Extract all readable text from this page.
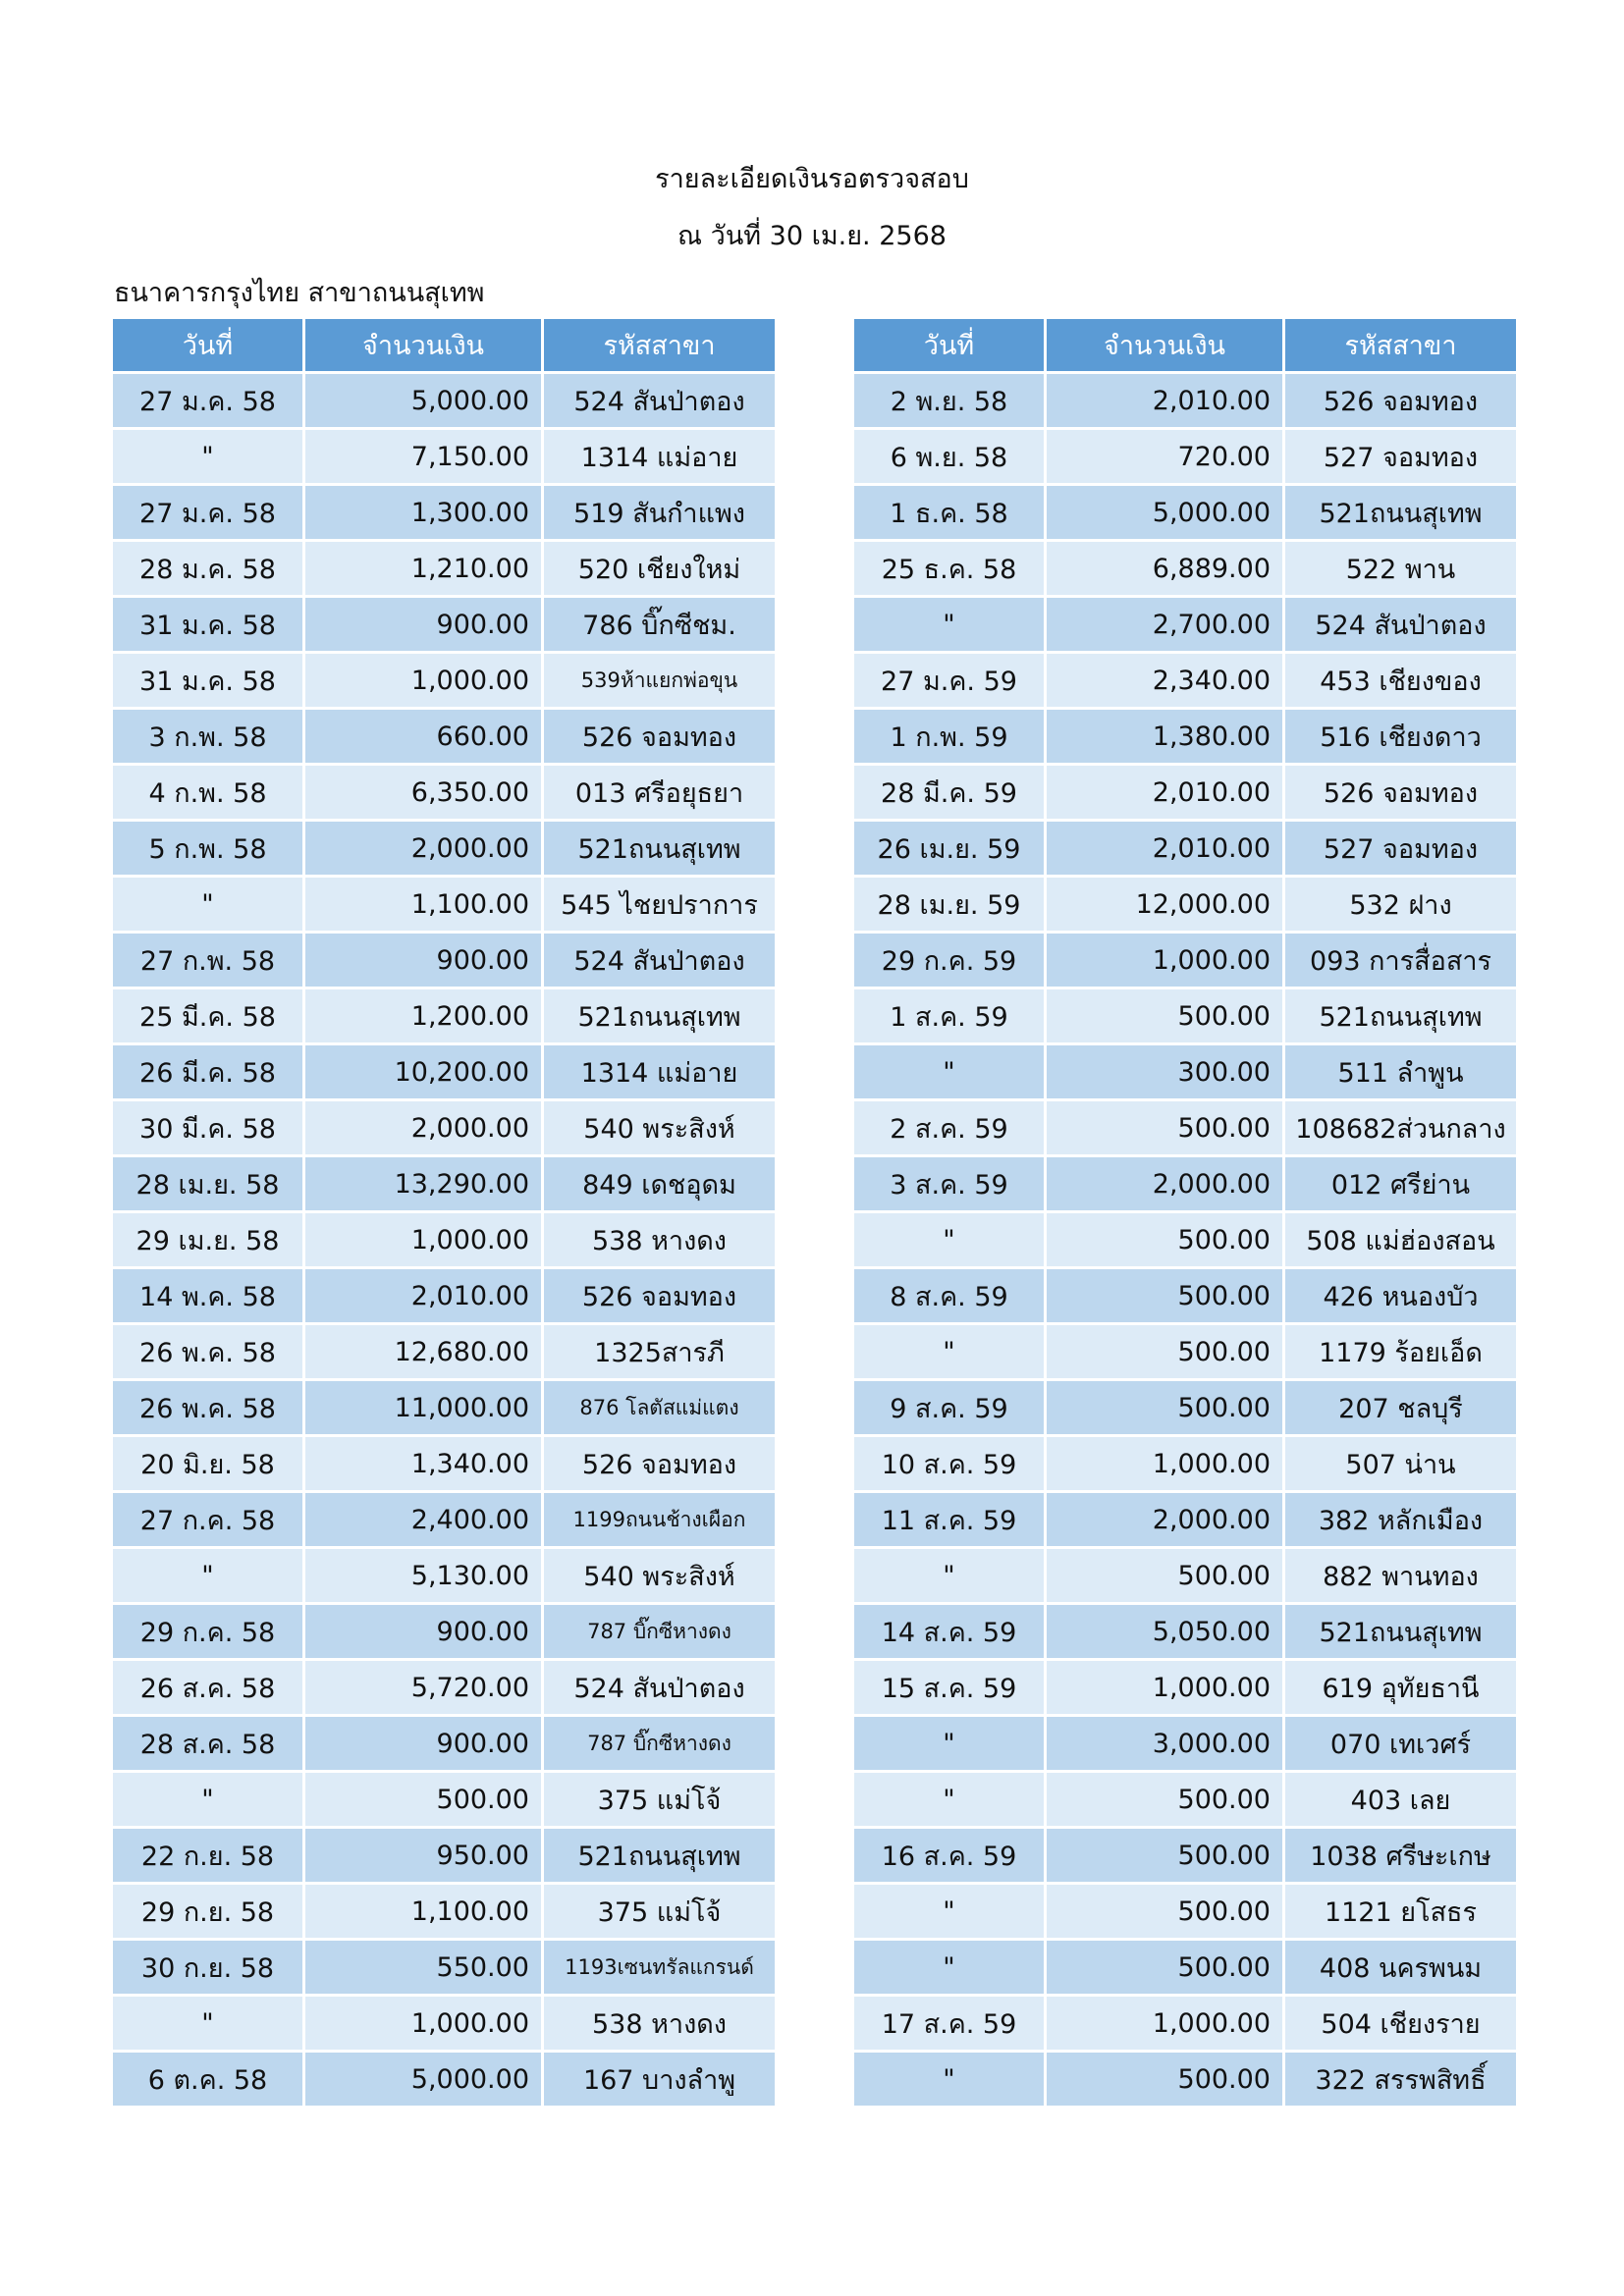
รายละเอียดเงินรอตรวจสอบ
ณ วันที่ 30 เม.ย. 2568
ธนาคารกรุงไทย สาขาถนนสุเทพ
วันที่	จำนวนเงิน	รหัสสาขา
27 ม.ค. 58	5,000.00	524 สันป่าตอง
"	7,150.00	1314 แม่อาย
27 ม.ค. 58	1,300.00	519 สันกำแพง
28 ม.ค. 58	1,210.00	520 เชียงใหม่
31 ม.ค. 58	900.00	786 บิ๊กซีชม.
31 ม.ค. 58	1,000.00	539ห้าแยกพ่อขุน
3 ก.พ. 58	660.00	526 จอมทอง
4 ก.พ. 58	6,350.00	013 ศรีอยุธยา
5 ก.พ. 58	2,000.00	521ถนนสุเทพ
"	1,100.00	545 ไชยปราการ
27 ก.พ. 58	900.00	524 สันป่าตอง
25 มี.ค. 58	1,200.00	521ถนนสุเทพ
26 มี.ค. 58	10,200.00	1314 แม่อาย
30 มี.ค. 58	2,000.00	540 พระสิงห์
28 เม.ย. 58	13,290.00	849 เดชอุดม
29 เม.ย. 58	1,000.00	538 หางดง
14 พ.ค. 58	2,010.00	526 จอมทอง
26 พ.ค. 58	12,680.00	1325สารภี
26 พ.ค. 58	11,000.00	876 โลตัสแม่แตง
20 มิ.ย. 58	1,340.00	526 จอมทอง
27 ก.ค. 58	2,400.00	1199ถนนช้างเผือก
"	5,130.00	540 พระสิงห์
29 ก.ค. 58	900.00	787 บิ๊กซีหางดง
26 ส.ค. 58	5,720.00	524 สันป่าตอง
28 ส.ค. 58	900.00	787 บิ๊กซีหางดง
"	500.00	375 แม่โจ้
22 ก.ย. 58	950.00	521ถนนสุเทพ
29 ก.ย. 58	1,100.00	375 แม่โจ้
30 ก.ย. 58	550.00	1193เซนทรัลแกรนด์
"	1,000.00	538 หางดง
6 ต.ค. 58	5,000.00	167 บางลำพู
วันที่	จำนวนเงิน	รหัสสาขา
2 พ.ย. 58	2,010.00	526 จอมทอง
6 พ.ย. 58	720.00	527 จอมทอง
1 ธ.ค. 58	5,000.00	521ถนนสุเทพ
25 ธ.ค. 58	6,889.00	522 พาน
"	2,700.00	524 สันป่าตอง
27 ม.ค. 59	2,340.00	453 เชียงของ
1 ก.พ. 59	1,380.00	516 เชียงดาว
28 มี.ค. 59	2,010.00	526 จอมทอง
26 เม.ย. 59	2,010.00	527 จอมทอง
28 เม.ย. 59	12,000.00	532 ฝาง
29 ก.ค. 59	1,000.00	093 การสื่อสาร
1 ส.ค. 59	500.00	521ถนนสุเทพ
"	300.00	511 ลำพูน
2 ส.ค. 59	500.00	108682ส่วนกลาง
3 ส.ค. 59	2,000.00	012 ศรีย่าน
"	500.00	508 แม่ฮ่องสอน
8 ส.ค. 59	500.00	426 หนองบัว
"	500.00	1179 ร้อยเอ็ด
9 ส.ค. 59	500.00	207 ชลบุรี
10 ส.ค. 59	1,000.00	507 น่าน
11 ส.ค. 59	2,000.00	382 หลักเมือง
"	500.00	882 พานทอง
14 ส.ค. 59	5,050.00	521ถนนสุเทพ
15 ส.ค. 59	1,000.00	619 อุทัยธานี
"	3,000.00	070 เทเวศร์
"	500.00	403 เลย
16 ส.ค. 59	500.00	1038 ศรีษะเกษ
"	500.00	1121 ยโสธร
"	500.00	408 นครพนม
17 ส.ค. 59	1,000.00	504 เชียงราย
"	500.00	322 สรรพสิทธิ์
